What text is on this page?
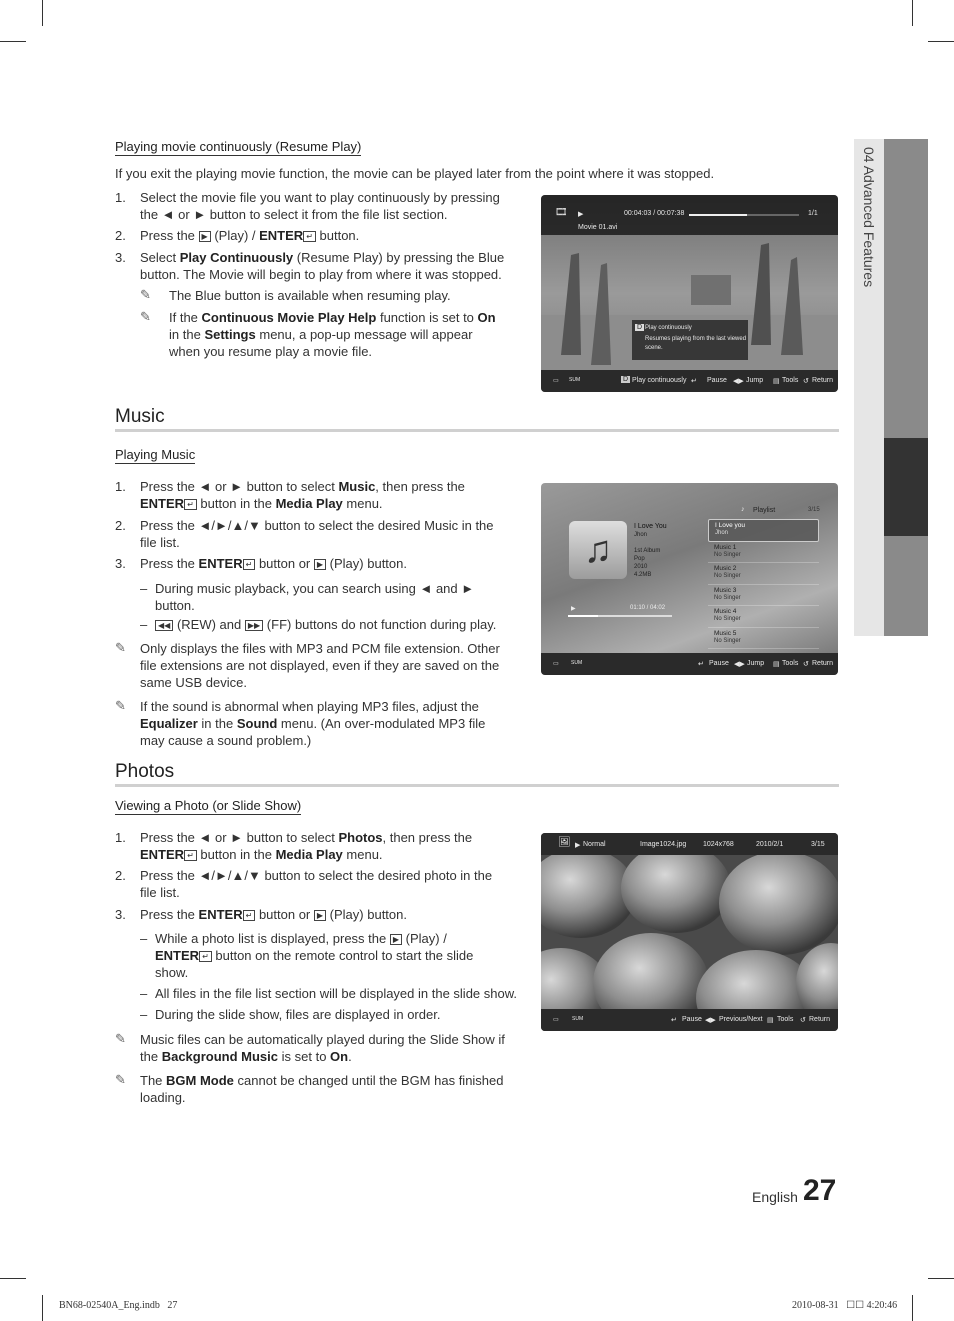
04 Advanced Features
Playing movie continuously (Resume Play)
If you exit the playing movie function, the movie can be played later from the point where it was stopped.
1. Select the movie file you want to play continuously by pressing
the ◄ or ► button to select it from the file list section.
2. Press the ▶ (Play) / ENTER ↵ button.
3. Select Play Continuously (Resume Play) by pressing the Blue
button. The Movie will begin to play from where it was stopped.
✎ The Blue button is available when resuming play.
✎ If the Continuous Movie Play Help function is set to On
in the Settings menu, a pop-up message will appear
when you resume play a movie file.
🎞 ▶	00:04:03 / 00:07:38	1/1
Movie 01.avi
D Play continuously
Resumes playing from the last viewed
scene.
▭ SUM	D Play continuously ↵ Pause ◀▶ Jump ▤ Tools ↺ Return
Music
Playing Music
1. Press the ◄ or ► button to select Music, then press the
ENTER ↵ button in the Media Play menu.
2. Press the ◄/►/▲/▼ button to select the desired Music in the
file list.
3. Press the ENTER ↵ button or ▶ (Play) button.
– During music playback, you can search using ◄ and ►
button.
–	◀◀ (REW) and ▶▶ (FF) buttons do not function during play.
✎ Only displays the files with MP3 and PCM file extension. Other
file extensions are not displayed, even if they are saved on the
same USB device.
✎ If the sound is abnormal when playing MP3 files, adjust the
Equalizer in the Sound menu. (An over-modulated MP3 file
may cause a sound problem.)
♫
I Love You
Jhon
1st Album
Pop
2010
4.2MB
▶	01:10 / 04:02
♪ Playlist	3/15
I Love you
Jhon
Music 1
No Singer
Music 2
No Singer
Music 3
No Singer
Music 4
No Singer
Music 5
No Singer
▭ SUM	↵ Pause ◀▶ Jump ▤ Tools ↺ Return
Photos
Viewing a Photo (or Slide Show)
1. Press the ◄ or ► button to select Photos, then press the
ENTER ↵ button in the Media Play menu.
2. Press the ◄/►/▲/▼ button to select the desired photo in the
file list.
3. Press the ENTER ↵ button or ▶ (Play) button.
– While a photo list is displayed, press the ▶ (Play) /
ENTER ↵ button on the remote control to start the slide
show.
– All files in the file list section will be displayed in the slide show.
– During the slide show, files are displayed in order.
✎ Music files can be automatically played during the Slide Show if
the Background Music is set to On.
✎ The BGM Mode cannot be changed until the BGM has finished
loading.
🖼 ▶ Normal	Image1024.jpg 1024x768	2010/2/1	3/15
▭	SUM	↵ Pause ◀▶ Previous/Next ▤ Tools ↺ Return
English 27
BN68-02540A_Eng.indb   27	2010-08-31   ☐☐ 4:20:46
